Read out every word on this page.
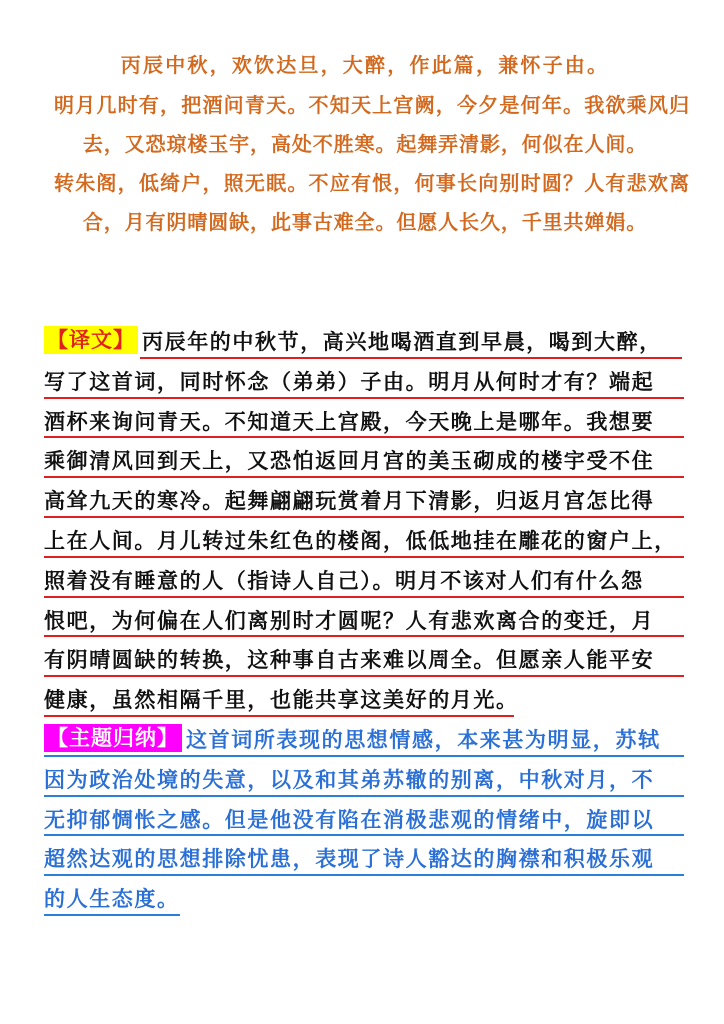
丙辰中秋，欢饮达旦，大醉，作此篇，兼怀子由。
明月几时有，把酒问青天。不知天上宫阙，今夕是何年。我欲乘风归去，又恐琼楼玉宇，高处不胜寒。起舞弄清影，何似在人间。
转朱阁，低绮户，照无眠。不应有恨，何事长向别时圆？人有悲欢离合，月有阴晴圆缺，此事古难全。但愿人长久，千里共婵娟。
【译文】 丙辰年的中秋节，高兴地喝酒直到早晨，喝到大醉，
写了这首词，同时怀念（弟弟）子由。明月从何时才有？端起
酒杯来询问青天。不知道天上宫殿，今天晚上是哪年。我想要
乘御清风回到天上，又恐怕返回月宫的美玉砌成的楼宇受不住
高耸九天的寒冷。起舞翩翩玩赏着月下清影，归返月宫怎比得
上在人间。月儿转过朱红色的楼阁，低低地挂在雕花的窗户上，
照着没有睡意的人（指诗人自己）。明月不该对人们有什么怨
恨吧，为何偏在人们离别时才圆呢？人有悲欢离合的变迁，月
有阴晴圆缺的转换，这种事自古来难以周全。但愿亲人能平安
健康，虽然相隔千里，也能共享这美好的月光。
【主题归纳】 这首词所表现的思想情感，本来甚为明显，苏轼
因为政治处境的失意，以及和其弟苏辙的别离，中秋对月，不
无抑郁惆怅之感。但是他没有陷在消极悲观的情绪中，旋即以
超然达观的思想排除忧患，表现了诗人豁达的胸襟和积极乐观
的人生态度。
